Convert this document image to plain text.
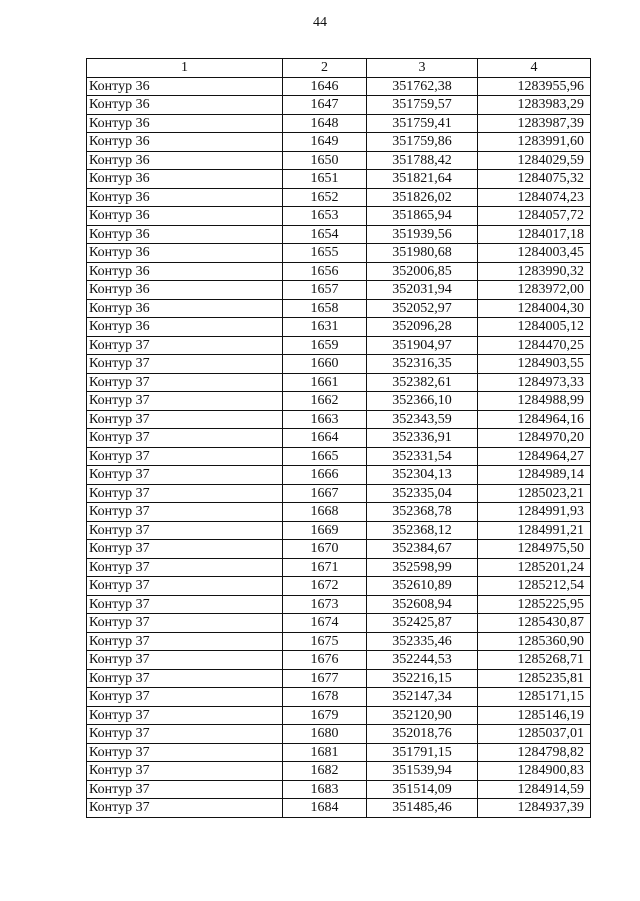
44
1	2	3	4
Контур 36	1646	351762,38	1283955,96
Контур 36	1647	351759,57	1283983,29
Контур 36	1648	351759,41	1283987,39
Контур 36	1649	351759,86	1283991,60
Контур 36	1650	351788,42	1284029,59
Контур 36	1651	351821,64	1284075,32
Контур 36	1652	351826,02	1284074,23
Контур 36	1653	351865,94	1284057,72
Контур 36	1654	351939,56	1284017,18
Контур 36	1655	351980,68	1284003,45
Контур 36	1656	352006,85	1283990,32
Контур 36	1657	352031,94	1283972,00
Контур 36	1658	352052,97	1284004,30
Контур 36	1631	352096,28	1284005,12
Контур 37	1659	351904,97	1284470,25
Контур 37	1660	352316,35	1284903,55
Контур 37	1661	352382,61	1284973,33
Контур 37	1662	352366,10	1284988,99
Контур 37	1663	352343,59	1284964,16
Контур 37	1664	352336,91	1284970,20
Контур 37	1665	352331,54	1284964,27
Контур 37	1666	352304,13	1284989,14
Контур 37	1667	352335,04	1285023,21
Контур 37	1668	352368,78	1284991,93
Контур 37	1669	352368,12	1284991,21
Контур 37	1670	352384,67	1284975,50
Контур 37	1671	352598,99	1285201,24
Контур 37	1672	352610,89	1285212,54
Контур 37	1673	352608,94	1285225,95
Контур 37	1674	352425,87	1285430,87
Контур 37	1675	352335,46	1285360,90
Контур 37	1676	352244,53	1285268,71
Контур 37	1677	352216,15	1285235,81
Контур 37	1678	352147,34	1285171,15
Контур 37	1679	352120,90	1285146,19
Контур 37	1680	352018,76	1285037,01
Контур 37	1681	351791,15	1284798,82
Контур 37	1682	351539,94	1284900,83
Контур 37	1683	351514,09	1284914,59
Контур 37	1684	351485,46	1284937,39
